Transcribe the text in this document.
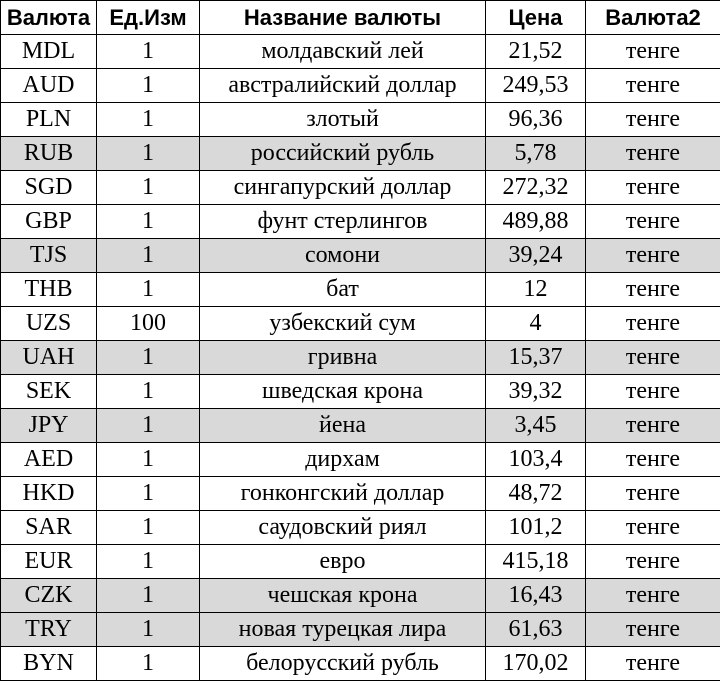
Валюта	Ед.Изм	Название валюты	Цена	Валюта2
MDL	1	молдавский лей	21,52	тенге
AUD	1	австралийский доллар	249,53	тенге
PLN	1	злотый	96,36	тенге
RUB	1	российский рубль	5,78	тенге
SGD	1	сингапурский доллар	272,32	тенге
GBP	1	фунт стерлингов	489,88	тенге
TJS	1	сомони	39,24	тенге
THB	1	бат	12	тенге
UZS	100	узбекский сум	4	тенге
UAH	1	гривна	15,37	тенге
SEK	1	шведская крона	39,32	тенге
JPY	1	йена	3,45	тенге
AED	1	дирхам	103,4	тенге
HKD	1	гонконгский доллар	48,72	тенге
SAR	1	саудовский риял	101,2	тенге
EUR	1	евро	415,18	тенге
CZK	1	чешская крона	16,43	тенге
TRY	1	новая турецкая лира	61,63	тенге
BYN	1	белорусский рубль	170,02	тенге
